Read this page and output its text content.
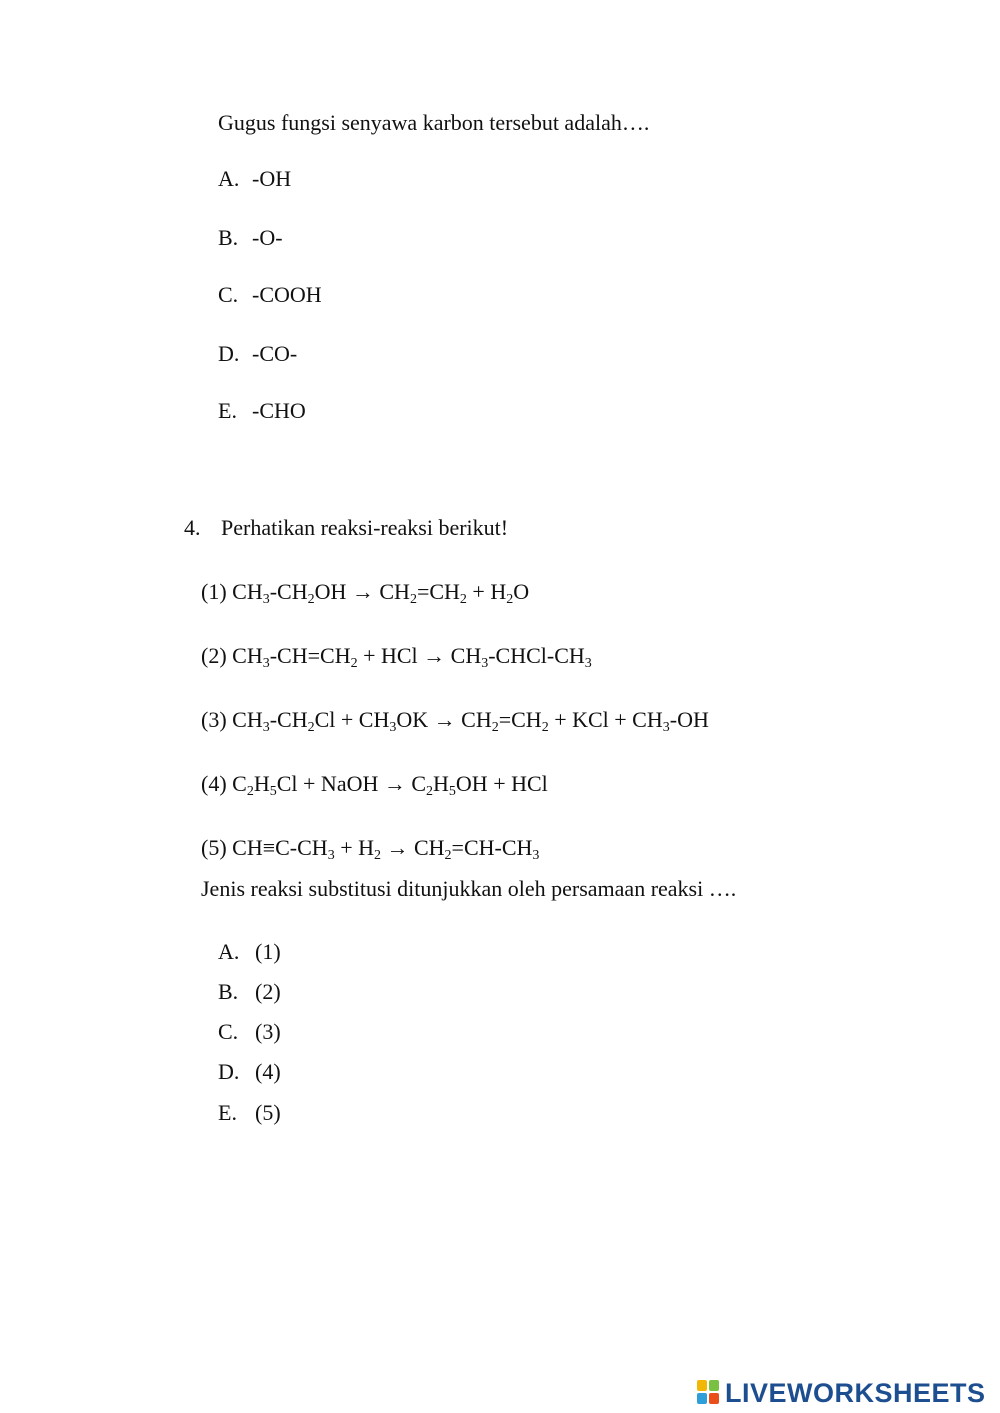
Gugus fungsi senyawa karbon tersebut adalah….
A. -OH
B. -O-
C. -COOH
D. -CO-
E. -CHO
4. Perhatikan reaksi-reaksi berikut!
(1) $CH_3-CH_2OH \to CH_2=CH_2 + H_2O$
(2) $CH_3-CH=CH_2$ + HCl → $CH_3-CHCl-CH_3$
(3) $CH_3-CH_2Cl + CH_3OK \to CH_2=CH_2$ + KCl + $CH_3-OH$
(4) $C_2H_5Cl$ + NaOH → $C_2H_5OH$ + HCl
(5) $CH\equiv C-CH_3 + H_2 \to CH_2=CH-CH_3$
Jenis reaksi substitusi ditunjukkan oleh persamaan reaksi ….
A. (1)
B. (2)
C. (3)
D. (4)
E. (5)
LIVEWORKSHEETS
